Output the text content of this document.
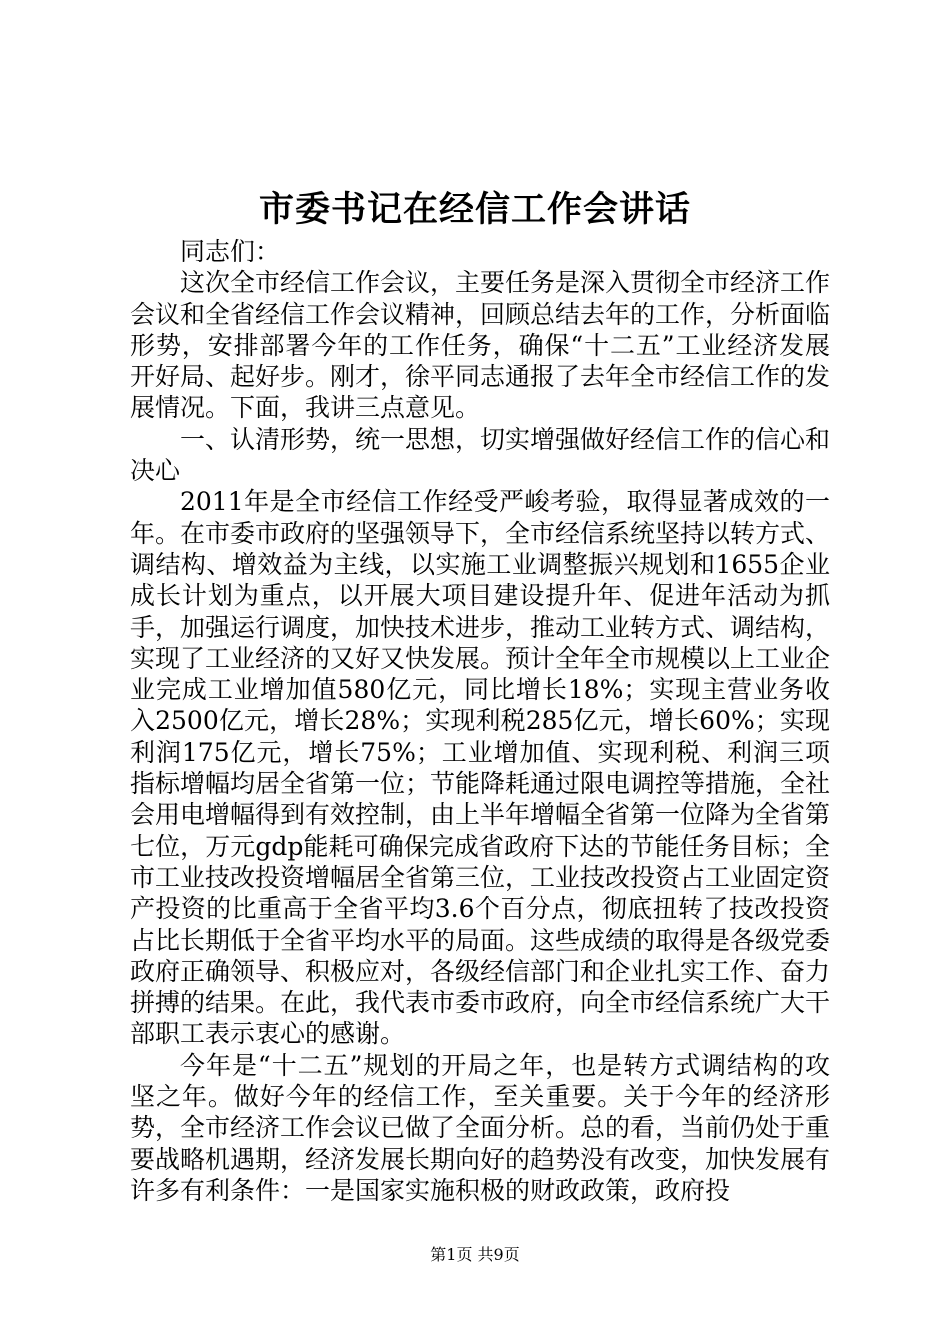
市委书记在经信工作会讲话

同志们：

这次全市经信工作会议，主要任务是深入贯彻全市经济工作会议和全省经信工作会议精神，回顾总结去年的工作，分析面临形势，安排部署今年的工作任务，确保“十二五”工业经济发展开好局、起好步。刚才，徐平同志通报了去年全市经信工作的发展情况。下面，我讲三点意见。

一、认清形势，统一思想，切实增强做好经信工作的信心和决心

2011年是全市经信工作经受严峻考验，取得显著成效的一年。在市委市政府的坚强领导下，全市经信系统坚持以转方式、调结构、增效益为主线，以实施工业调整振兴规划和1655企业成长计划为重点，以开展大项目建设提升年、促进年活动为抓手，加强运行调度，加快技术进步，推动工业转方式、调结构，实现了工业经济的又好又快发展。预计全年全市规模以上工业企业完成工业增加值580亿元，同比增长18%；实现主营业务收入2500亿元，增长28%；实现利税285亿元，增长60%；实现利润175亿元，增长75%；工业增加值、实现利税、利润三项指标增幅均居全省第一位；节能降耗通过限电调控等措施，全社会用电增幅得到有效控制，由上半年增幅全省第一位降为全省第七位，万元gdp能耗可确保完成省政府下达的节能任务目标；全市工业技改投资增幅居全省第三位，工业技改投资占工业固定资产投资的比重高于全省平均3.6个百分点，彻底扭转了技改投资占比长期低于全省平均水平的局面。这些成绩的取得是各级党委政府正确领导、积极应对，各级经信部门和企业扎实工作、奋力拼搏的结果。在此，我代表市委市政府，向全市经信系统广大干部职工表示衷心的感谢。

今年是“十二五”规划的开局之年，也是转方式调结构的攻坚之年。做好今年的经信工作，至关重要。关于今年的经济形势，全市经济工作会议已做了全面分析。总的看，当前仍处于重要战略机遇期，经济发展长期向好的趋势没有改变，加快发展有许多有利条件：一是国家实施积极的财政政策，政府投

第1页 共9页
